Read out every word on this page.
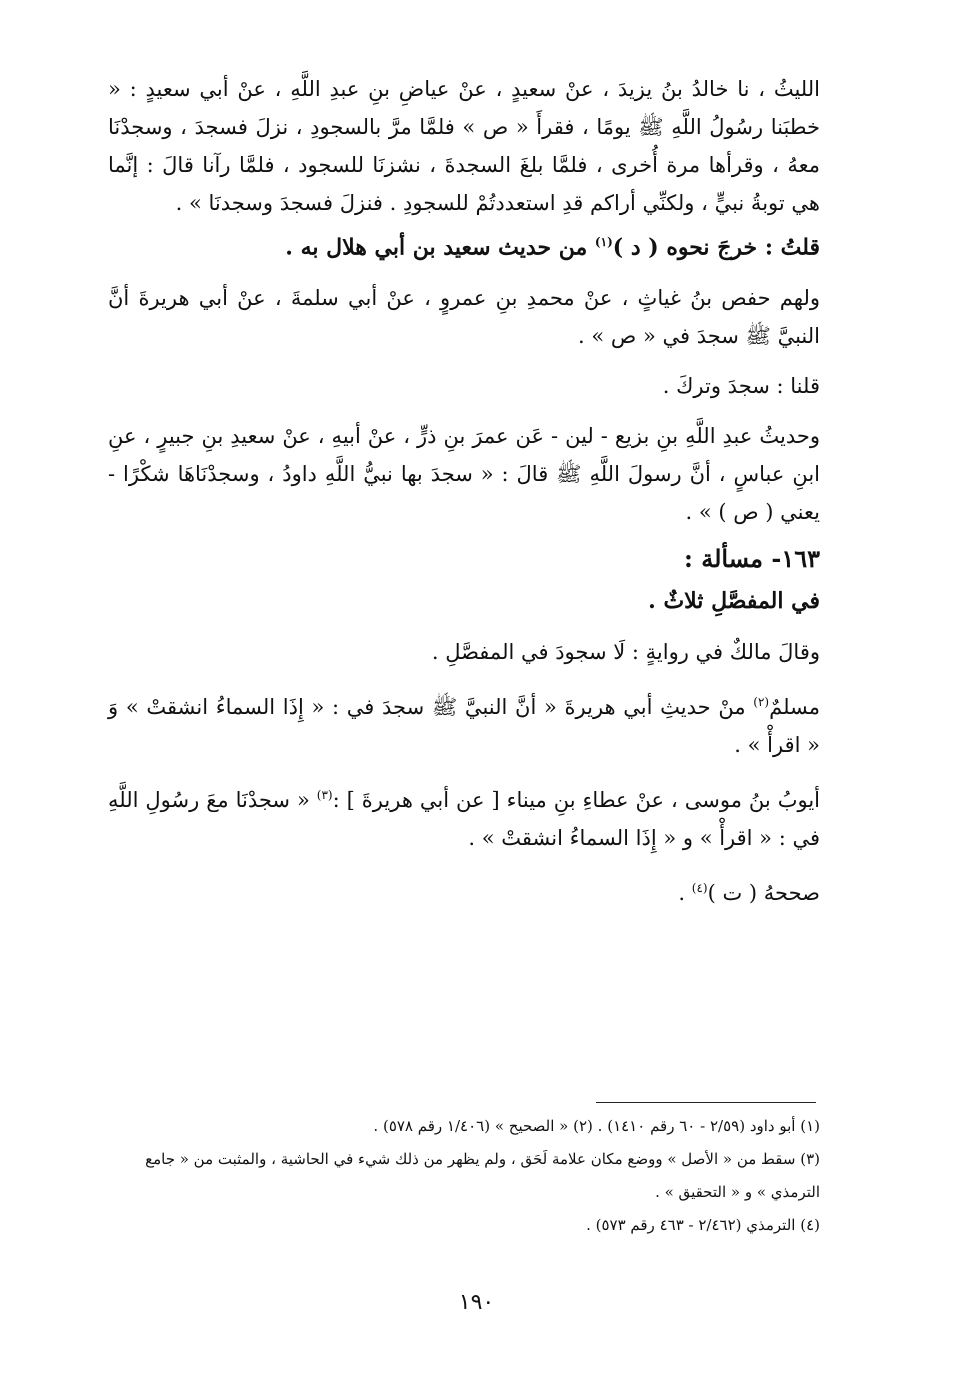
الليثُ ، نا خالدُ بنُ يزيدَ ، عنْ سعيدٍ ، عنْ عياضِ بنِ عبدِ اللَّهِ ، عنْ أبي سعيدٍ : « خطبَنا رسُولُ اللَّهِ ﷺ يومًا ، فقرأَ « ص » فلمَّا مرَّ بالسجودِ ، نزلَ فسجدَ ، وسجدْنَا معهُ ، وقرأها مرة أُخرى ، فلمَّا بلغَ السجدةَ ، نشزنَا للسجود ، فلمَّا رآنا قالَ : إنَّما هي توبةُ نبيٍّ ، ولكنِّي أراكم قدِ استعددتُمْ للسجودِ . فنزلَ فسجدَ وسجدنَا » .

قلتُ : خرجَ نحوه ( د )$^{(١)}$ من حديث سعيد بن أبي هلال به .

ولهم حفص بنُ غياثٍ ، عنْ محمدِ بنِ عمروٍ ، عنْ أبي سلمةَ ، عنْ أبي هريرةَ أنَّ النبيَّ ﷺ سجدَ في « ص » .

قلنا : سجدَ وتركَ .

وحديثُ عبدِ اللَّهِ بنِ بزيع - لين - عَن عمرَ بنِ ذرٍّ ، عنْ أبيهِ ، عنْ سعيدِ بنِ جبيرٍ ، عنِ ابنِ عباسٍ ، أنَّ رسولَ اللَّهِ ﷺ قالَ : « سجدَ بها نبيُّ اللَّهِ داودُ ، وسجدْنَاهَا شكْرًا - يعني ( ص ) » .

١٦٣- مسألة :

في المفصَّلِ ثلاثٌ .

وقالَ مالكٌ في روايةٍ : لَا سجودَ في المفصَّلِ .

مسلمٌ$^{(٢)}$ منْ حديثِ أبي هريرةَ « أنَّ النبيَّ ﷺ سجدَ في : « إِذَا السماءُ انشقتْ » وَ « اقرأْ » .

أيوبُ بنُ موسى ، عنْ عطاءِ بنِ ميناء [ عن أبي هريرةَ ] :$^{(٣)}$ « سجدْنَا معَ رسُولِ اللَّهِ في : « اقرأْ » و « إِذَا السماءُ انشقتْ » .

صححهُ ( ت )$^{(٤)}$ .

(١) أبو داود (٢/٥٩ - ٦٠ رقم ١٤١٠) . (٢) « الصحيح » (١/٤٠٦ رقم ٥٧٨) .

(٣) سقط من « الأصل » ووضع مكان علامة لَحَق ، ولم يظهر من ذلك شيء في الحاشية ، والمثبت من « جامع الترمذي » و « التحقيق » .

(٤) الترمذي (٢/٤٦٢ - ٤٦٣ رقم ٥٧٣) .

١٩٠
